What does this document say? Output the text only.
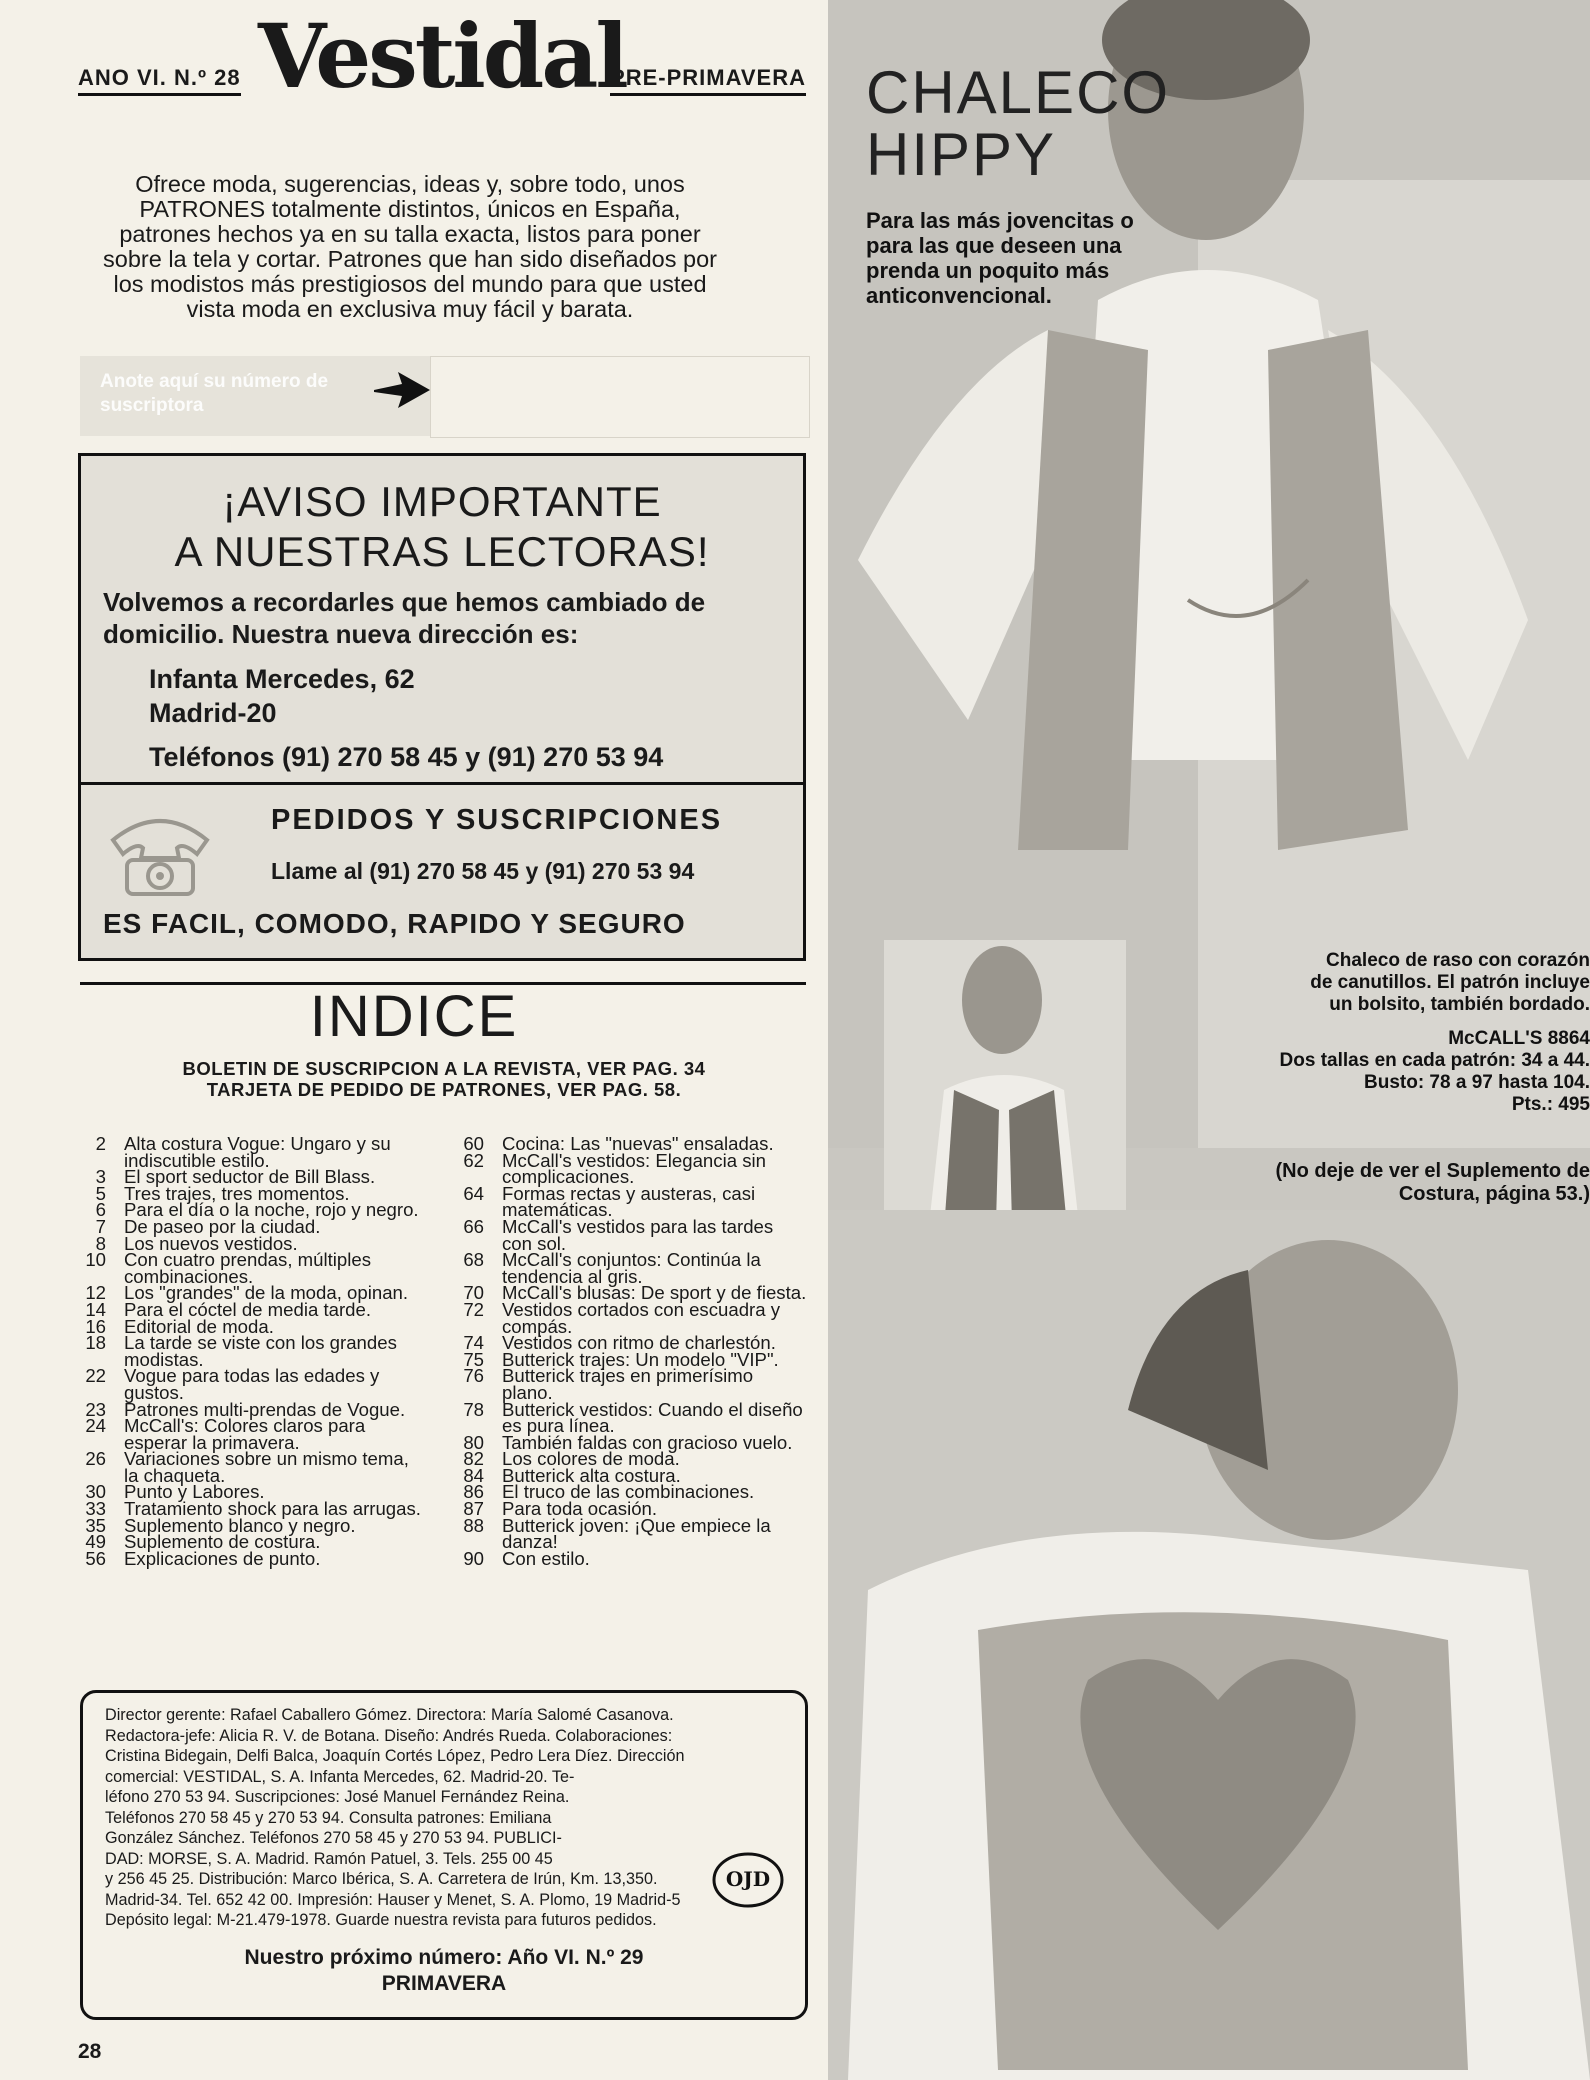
ANO VI. N.º 28 Vestidal
PRE-PRIMAVERA
Ofrece moda, sugerencias, ideas y, sobre todo, unos PATRONES totalmente distintos, únicos en España, patrones hechos ya en su talla exacta, listos para poner sobre la tela y cortar. Patrones que han sido diseñados por los modistos más prestigiosos del mundo para que usted vista moda en exclusiva muy fácil y barata.
Anote aquí su número de suscriptora
¡AVISO IMPORTANTE
A NUESTRAS LECTORAS!
Volvemos a recordarles que hemos cambiado de domicilio. Nuestra nueva dirección es:
Infanta Mercedes, 62
Madrid-20
Teléfonos (91) 270 58 45 y (91) 270 53 94
PEDIDOS Y SUSCRIPCIONES
Llame al (91) 270 58 45 y (91) 270 53 94
ES FACIL, COMODO, RAPIDO Y SEGURO
INDICE
BOLETIN DE SUSCRIPCION A LA REVISTA, VER PAG. 34
TARJETA DE PEDIDO DE PATRONES, VER PAG. 58.
2 Alta costura Vogue: Ungaro y su indiscutible estilo.
3 El sport seductor de Bill Blass.
5 Tres trajes, tres momentos.
6 Para el día o la noche, rojo y negro.
7 De paseo por la ciudad.
8 Los nuevos vestidos.
10 Con cuatro prendas, múltiples combinaciones.
12 Los "grandes" de la moda, opinan.
14 Para el cóctel de media tarde.
16 Editorial de moda.
18 La tarde se viste con los grandes modistas.
22 Vogue para todas las edades y gustos.
23 Patrones multi-prendas de Vogue.
24 McCall's: Colores claros para esperar la primavera.
26 Variaciones sobre un mismo tema, la chaqueta.
30 Punto y Labores.
33 Tratamiento shock para las arrugas.
35 Suplemento blanco y negro.
49 Suplemento de costura.
56 Explicaciones de punto.
60 Cocina: Las "nuevas" ensaladas.
62 McCall's vestidos: Elegancia sin complicaciones.
64 Formas rectas y austeras, casi matemáticas.
66 McCall's vestidos para las tardes con sol.
68 McCall's conjuntos: Continúa la tendencia al gris.
70 McCall's blusas: De sport y de fiesta.
72 Vestidos cortados con escuadra y compás.
74 Vestidos con ritmo de charlestón.
75 Butterick trajes: Un modelo "VIP".
76 Butterick trajes en primerísimo plano.
78 Butterick vestidos: Cuando el diseño es pura línea.
80 También faldas con gracioso vuelo.
82 Los colores de moda.
84 Butterick alta costura.
86 El truco de las combinaciones.
87 Para toda ocasión.
88 Butterick joven: ¡Que empiece la danza!
90 Con estilo.
Director gerente: Rafael Caballero Gómez. Directora: María Salomé Casanova.
Redactora-jefe: Alicia R. V. de Botana. Diseño: Andrés Rueda. Colaboraciones:
Cristina Bidegain, Delfi Balca, Joaquín Cortés López, Pedro Lera Díez. Dirección
comercial: VESTIDAL, S. A. Infanta Mercedes, 62. Madrid-20. Te-
léfono 270 53 94. Suscripciones: José Manuel Fernández Reina.
Teléfonos 270 58 45 y 270 53 94. Consulta patrones: Emiliana
González Sánchez. Teléfonos 270 58 45 y 270 53 94. PUBLICI-
DAD: MORSE, S. A. Madrid. Ramón Patuel, 3. Tels. 255 00 45
y 256 45 25. Distribución: Marco Ibérica, S. A. Carretera de Irún, Km. 13,350.
Madrid-34. Tel. 652 42 00. Impresión: Hauser y Menet, S. A. Plomo, 19 Madrid-5
Depósito legal: M-21.479-1978. Guarde nuestra revista para futuros pedidos.
OJD
Nuestro próximo número: Año VI. N.º 29
PRIMAVERA
28
CHALECO
HIPPY
Para las más jovencitas o para las que deseen una prenda un poquito más anticonvencional.
Chaleco de raso con corazón
de canutillos. El patrón incluye
un bolsito, también bordado.
McCALL'S 8864
Dos tallas en cada patrón: 34 a 44.
Busto: 78 a 97 hasta 104.
Pts.: 495
(No deje de ver el Suplemento de
Costura, página 53.)
